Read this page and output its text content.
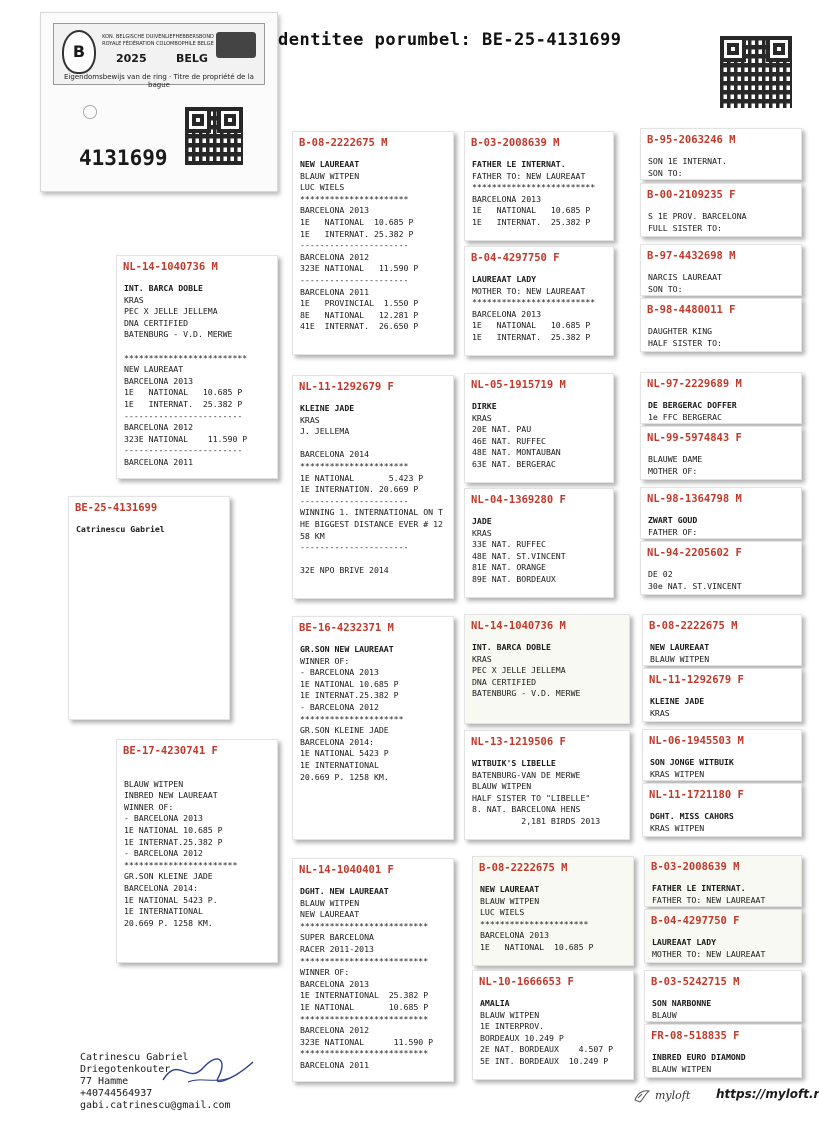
dentitee porumbel: BE-25-4131699
B
KON. BELGISCHE DUIVENLIEFHEBBERSBOND
ROYALE FÉDÉRATION COLOMBOPHILE BELGE
2025	BELG
Eigendomsbewijs van de ring · Titre de propriété de la bague
4131699
BE-25-4131699
Catrinescu Gabriel
NL-14-1040736 M
INT. BARCA DOBLE
KRAS
PEC X JELLE JELLEMA
DNA CERTIFIED
BATENBURG - V.D. MERWE

*************************
NEW LAUREAAT
BARCELONA 2013
1E   NATIONAL   10.685 P
1E   INTERNAT.  25.382 P
------------------------
BARCELONA 2012
323E NATIONAL    11.590 P
------------------------
BARCELONA 2011
BE-17-4230741 F

BLAUW WITPEN
INBRED NEW LAUREAAT
WINNER OF:
- BARCELONA 2013
1E NATIONAL 10.685 P
1E INTERNAT.25.382 P
- BARCELONA 2012
***********************
GR.SON KLEINE JADE
BARCELONA 2014:
1E NATIONAL 5423 P.
1E INTERNATIONAL
20.669 P. 1258 KM.
B-08-2222675 M
NEW LAUREAAT
BLAUW WITPEN
LUC WIELS
**********************
BARCELONA 2013
1E   NATIONAL  10.685 P
1E   INTERNAT. 25.382 P
----------------------
BARCELONA 2012
323E NATIONAL   11.590 P
----------------------
BARCELONA 2011
1E   PROVINCIAL  1.550 P
8E   NATIONAL   12.281 P
41E  INTERNAT.  26.650 P
NL-11-1292679 F
KLEINE JADE
KRAS
J. JELLEMA

BARCELONA 2014
**********************
1E NATIONAL       5.423 P
1E INTERNATION. 20.669 P
----------------------
WINNING 1. INTERNATIONAL ON T
HE BIGGEST DISTANCE EVER # 12
58 KM
----------------------

32E NPO BRIVE 2014
BE-16-4232371 M
GR.SON NEW LAUREAAT
WINNER OF:
- BARCELONA 2013
1E NATIONAL 10.685 P
1E INTERNAT.25.382 P
- BARCELONA 2012
*********************
GR.SON KLEINE JADE
BARCELONA 2014:
1E NATIONAL 5423 P
1E INTERNATIONAL
20.669 P. 1258 KM.
NL-14-1040401 F
DGHT. NEW LAUREAAT
BLAUW WITPEN
NEW LAUREAAT
**************************
SUPER BARCELONA
RACER 2011-2013
**************************
WINNER OF:
BARCELONA 2013
1E INTERNATIONAL  25.382 P
1E NATIONAL       10.685 P
**************************
BARCELONA 2012
323E NATIONAL      11.590 P
**************************
BARCELONA 2011
B-03-2008639 M
FATHER LE INTERNAT.
FATHER TO: NEW LAUREAAT
*************************
BARCELONA 2013
1E   NATIONAL   10.685 P
1E   INTERNAT.  25.382 P
B-04-4297750 F
LAUREAAT LADY
MOTHER TO: NEW LAUREAAT
*************************
BARCELONA 2013
1E   NATIONAL   10.685 P
1E   INTERNAT.  25.382 P
NL-05-1915719 M
DIRKE
KRAS
20E NAT. PAU
46E NAT. RUFFEC
48E NAT. MONTAUBAN
63E NAT. BERGERAC
NL-04-1369280 F
JADE
KRAS
33E NAT. RUFFEC
48E NAT. ST.VINCENT
81E NAT. ORANGE
89E NAT. BORDEAUX
NL-14-1040736 M
INT. BARCA DOBLE
KRAS
PEC X JELLE JELLEMA
DNA CERTIFIED
BATENBURG - V.D. MERWE
NL-13-1219506 F
WITBUIK'S LIBELLE
BATENBURG-VAN DE MERWE
BLAUW WITPEN
HALF SISTER TO "LIBELLE"
8. NAT. BARCELONA HENS
2,181 BIRDS 2013
B-08-2222675 M
NEW LAUREAAT
BLAUW WITPEN
LUC WIELS
**********************
BARCELONA 2013
1E   NATIONAL  10.685 P
NL-10-1666653 F
AMALIA
BLAUW WITPEN
1E INTERPROV.
BORDEAUX 10.249 P
2E NAT. BORDEAUX    4.507 P
5E INT. BORDEAUX  10.249 P
B-95-2063246 M
SON 1E INTERNAT.
SON TO:
B-00-2109235 F
S 1E PROV. BARCELONA
FULL SISTER TO:
B-97-4432698 M
NARCIS LAUREAAT
SON TO:
B-98-4480011 F
DAUGHTER KING
HALF SISTER TO:
NL-97-2229689 M
DE BERGERAC DOFFER
1e FFC BERGERAC
NL-99-5974843 F
BLAUWE DAME
MOTHER OF:
NL-98-1364798 M
ZWART GOUD
FATHER OF:
NL-94-2205602 F
DE 02
30e NAT. ST.VINCENT
B-08-2222675 M
NEW LAUREAAT
BLAUW WITPEN
NL-11-1292679 F
KLEINE JADE
KRAS
NL-06-1945503 M
SON JONGE WITBUIK
KRAS WITPEN
NL-11-1721180 F
DGHT. MISS CAHORS
KRAS WITPEN
B-03-2008639 M
FATHER LE INTERNAT.
FATHER TO: NEW LAUREAAT
B-04-4297750 F
LAUREAAT LADY
MOTHER TO: NEW LAUREAAT
B-03-5242715 M
SON NARBONNE
BLAUW
FR-08-518835 F
INBRED EURO DIAMOND
BLAUW WITPEN
Catrinescu Gabriel
Driegotenkouter
77 Hamme
+40744564937
gabi.catrinescu@gmail.com
myloft https://myloft.r
